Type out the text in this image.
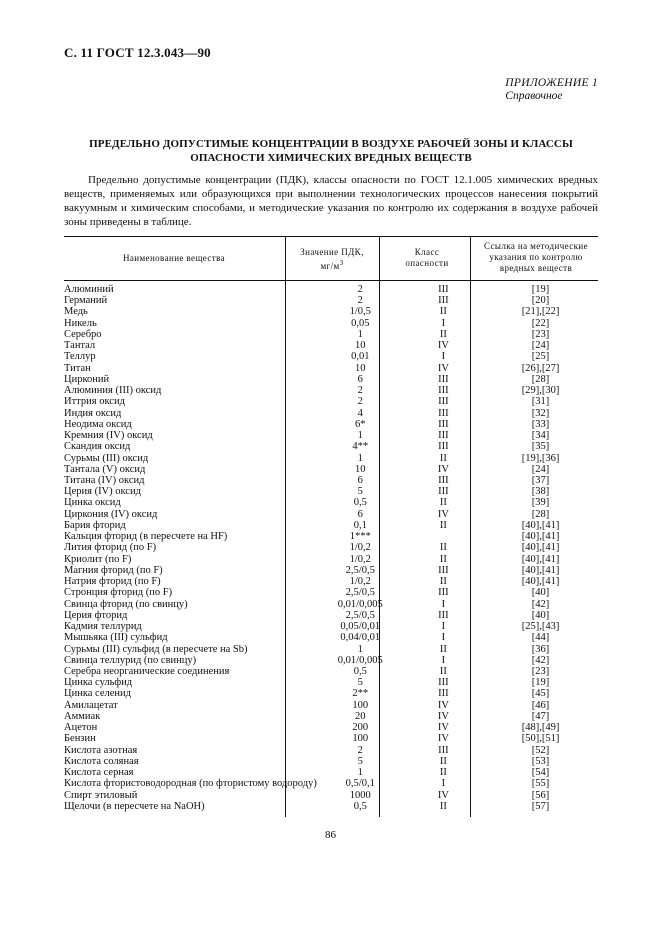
С. 11 ГОСТ 12.3.043—90
ПРИЛОЖЕНИЕ 1
Справочное
ПРЕДЕЛЬНО ДОПУСТИМЫЕ КОНЦЕНТРАЦИИ В ВОЗДУХЕ РАБОЧЕЙ ЗОНЫ И КЛАССЫ
ОПАСНОСТИ ХИМИЧЕСКИХ ВРЕДНЫХ ВЕЩЕСТВ
Предельно допустимые концентрации (ПДК), классы опасности по ГОСТ 12.1.005 химических вредных веществ, применяемых или образующихся при выполнении технологических процессов нанесения покрытий вакуумным и химическим способами, и методические указания по контролю их содержания в воздухе рабочей зоны приведены в таблице.
Наименование вещества
Значение ПДК,
$мг/м^3$
Класс
опасности
Ссылка на методические
указания по контролю
вредных веществ
Алюминий	2	III	[19]
Германий	2	III	[20]
Медь	1/0,5	II	[21],[22]
Никель	0,05	I	[22]
Серебро	1	II	[23]
Тантал	10	IV	[24]
Теллур	0,01	I	[25]
Титан	10	IV	[26],[27]
Цирконий	6	III	[28]
Алюминия (III) оксид	2	III	[29],[30]
Иттрия оксид	2	III	[31]
Индия оксид	4	III	[32]
Неодима оксид	6*	III	[33]
Кремния (IV) оксид	1	III	[34]
Скандия оксид	4**	III	[35]
Сурьмы (III) оксид	1	II	[19],[36]
Тантала (V) оксид	10	IV	[24]
Титана (IV) оксид	6	III	[37]
Церия (IV) оксид	5	III	[38]
Цинка оксид	0,5	II	[39]
Циркония (IV) оксид	6	IV	[28]
Бария фторид	0,1	II	[40],[41]
Кальция фторид (в пересчете на HF)	1***		[40],[41]
Лития фторид (по F)	1/0,2	II	[40],[41]
Криолит (по F)	1/0,2	II	[40],[41]
Магния фторид (по F)	2,5/0,5	III	[40],[41]
Натрия фторид (по F)	1/0,2	II	[40],[41]
Стронция фторид (по F)	2,5/0,5	III	[40]
Свинца фторид (по свинцу)	0,01/0,005	I	[42]
Церия фторид	2,5/0,5	III	[40]
Кадмия теллурид	0,05/0,01	I	[25],[43]
Мышьяка (III) сульфид	0,04/0,01	I	[44]
Сурьмы (III) сульфид (в пересчете на Sb)	1	II	[36]
Свинца теллурид (по свинцу)	0,01/0,005	I	[42]
Серебра неорганические соединения	0,5	II	[23]
Цинка сульфид	5	III	[19]
Цинка селенид	2**	III	[45]
Амилацетат	100	IV	[46]
Аммиак	20	IV	[47]
Ацетон	200	IV	[48],[49]
Бензин	100	IV	[50],[51]
Кислота азотная	2	III	[52]
Кислота соляная	5	II	[53]
Кислота серная	1	II	[54]
Кислота фтористоводородная (по фтористому водороду)	0,5/0,1	I	[55]
Спирт этиловый	1000	IV	[56]
Щелочи (в пересчете на NaOH)	0,5	II	[57]
86
